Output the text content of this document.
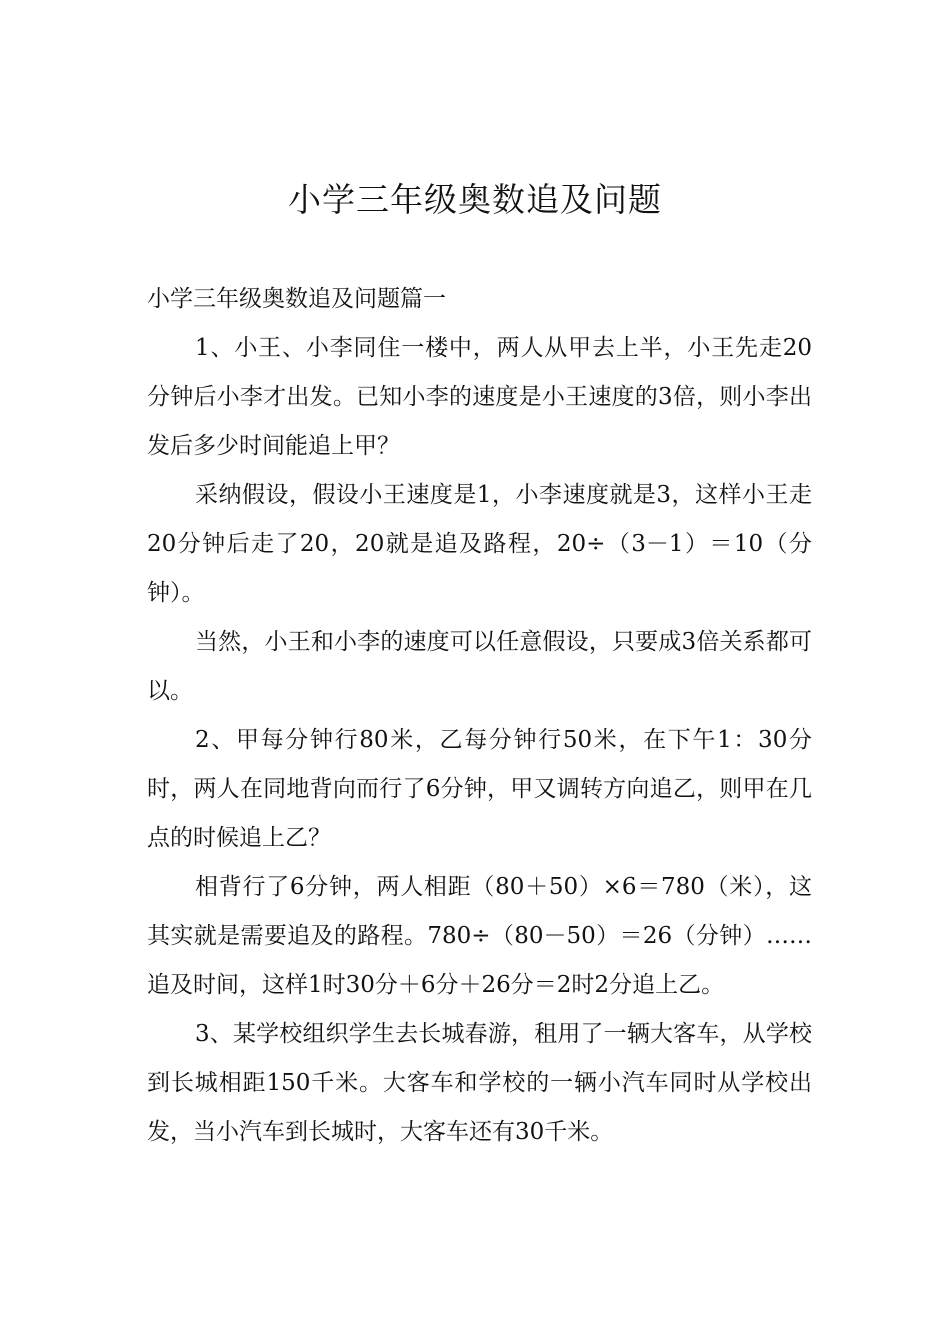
小学三年级奥数追及问题

小学三年级奥数追及问题篇一

1、小王、小李同住一楼中，两人从甲去上半，小王先走20分钟后小李才出发。已知小李的速度是小王速度的3倍，则小李出发后多少时间能追上甲？

采纳假设，假设小王速度是1，小李速度就是3，这样小王走20分钟后走了20，20就是追及路程，20÷（3－1）＝10（分钟）。

当然，小王和小李的速度可以任意假设，只要成3倍关系都可以。

2、甲每分钟行80米，乙每分钟行50米，在下午1：30分时，两人在同地背向而行了6分钟，甲又调转方向追乙，则甲在几点的时候追上乙？

相背行了6分钟，两人相距（80＋50）×6＝780（米），这其实就是需要追及的路程。780÷（80－50）＝26（分钟）……追及时间，这样1时30分＋6分＋26分＝2时2分追上乙。

3、某学校组织学生去长城春游，租用了一辆大客车，从学校到长城相距150千米。大客车和学校的一辆小汽车同时从学校出发，当小汽车到长城时，大客车还有30千米。
